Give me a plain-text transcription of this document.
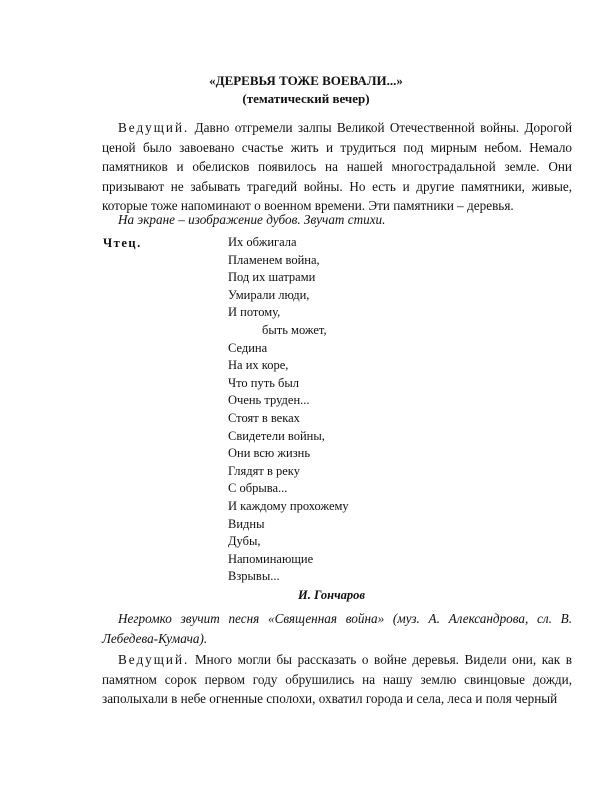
«ДЕРЕВЬЯ ТОЖЕ ВОЕВАЛИ...»
(тематический вечер)

Ведущий. Давно отгремели залпы Великой Отечественной войны. Дорогой ценой было завоевано счастье жить и трудиться под мирным небом. Немало памятников и обелисков появилось на нашей многострадальной земле. Они призывают не забывать трагедий войны. Но есть и другие памятники, живые, которые тоже напоминают о военном времени. Эти памятники – деревья.

На экране – изображение дубов. Звучат стихи.

Чтец.	Их обжигала
Пламенем война,
Под их шатрами
Умирали люди,
И потому,
быть может,
Седина
На их коре,
Что путь был
Очень труден...
Стоят в веках
Свидетели войны,
Они всю жизнь
Глядят в реку
С обрыва...
И каждому прохожему
Видны
Дубы,
Напоминающие
Взрывы...
И. Гончаров

Негромко звучит песня «Священная война» (муз. А. Александрова, сл. В. Лебедева-Кумача).

Ведущий. Много могли бы рассказать о войне деревья. Видели они, как в памятном сорок первом году обрушились на нашу землю свинцовые дожди, заполыхали в небе огненные сполохи, охватил города и села, леса и поля черный
